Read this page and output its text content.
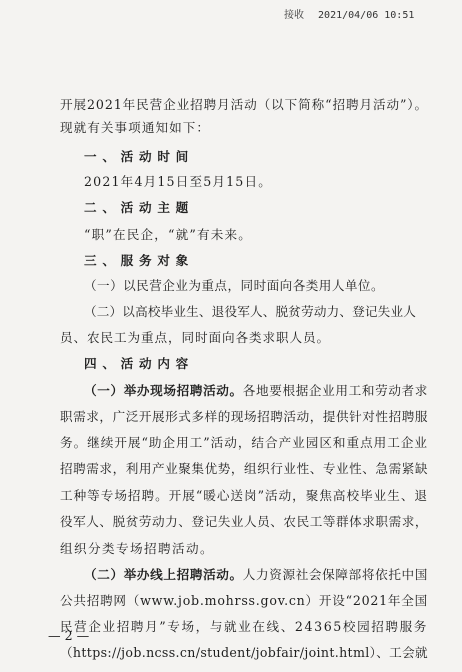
接收 2021/04/06 10:51
开展2021年民营企业招聘月活动（以下简称“招聘月活动”）。
现就有关事项通知如下：
一、活动时间
2021年4月15日至5月15日。
二、活动主题
“职”在民企，“就”有未来。
三、服务对象
（一）以民营企业为重点，同时面向各类用人单位。
（二）以高校毕业生、退役军人、脱贫劳动力、登记失业人
员、农民工为重点，同时面向各类求职人员。
四、活动内容
（一）举办现场招聘活动。各地要根据企业用工和劳动者求
职需求，广泛开展形式多样的现场招聘活动，提供针对性招聘服
务。继续开展“助企用工”活动，结合产业园区和重点用工企业
招聘需求，利用产业聚集优势，组织行业性、专业性、急需紧缺
工种等专场招聘。开展“暖心送岗”活动，聚焦高校毕业生、退
役军人、脱贫劳动力、登记失业人员、农民工等群体求职需求，
组织分类专场招聘活动。
（二）举办线上招聘活动。人力资源社会保障部将依托中国
公共招聘网（www.job.mohrss.gov.cn）开设“2021年全国
民营企业招聘月”专场，与就业在线、24365校园招聘服务
（https://job.ncss.cn/student/jobfair/joint.html）、工会就
— 2 —
